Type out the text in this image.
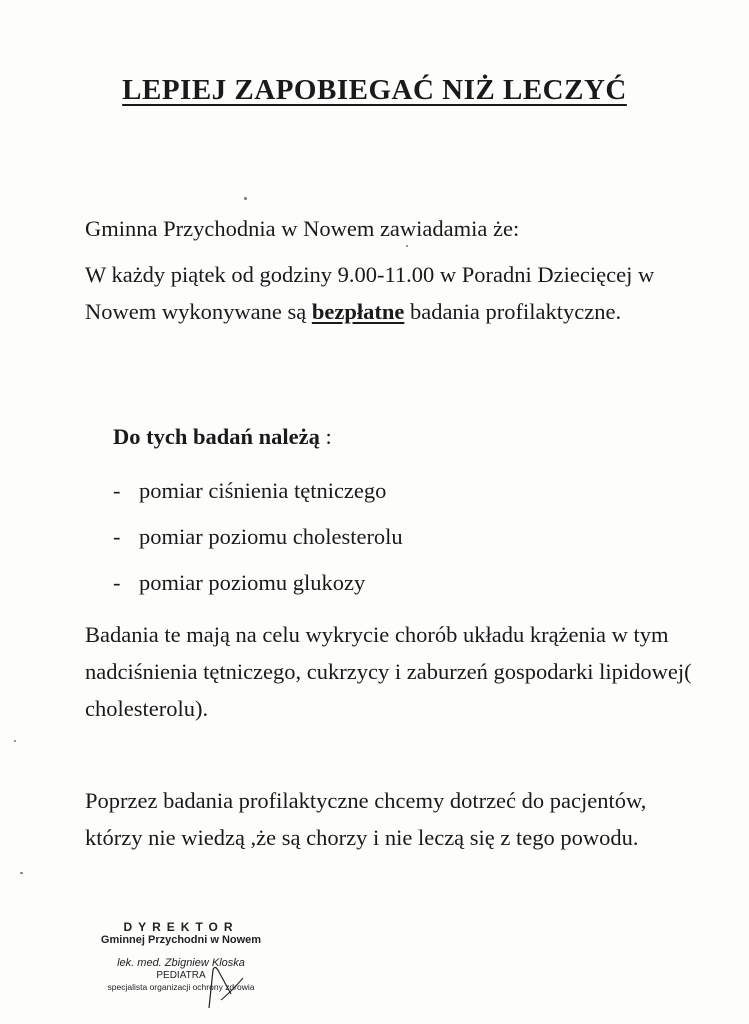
LEPIEJ ZAPOBIEGAĆ NIŻ LECZYĆ
Gminna Przychodnia w Nowem zawiadamia że:
W każdy piątek od godziny 9.00-11.00 w Poradni Dziecięcej w Nowem wykonywane są bezpłatne badania profilaktyczne.
Do tych badań należą :
- pomiar ciśnienia tętniczego
- pomiar poziomu cholesterolu
- pomiar poziomu glukozy
Badania te mają na celu wykrycie chorób układu krążenia w tym nadciśnienia tętniczego, cukrzycy i zaburzeń gospodarki lipidowej( cholesterolu).
Poprzez badania profilaktyczne chcemy dotrzeć do pacjentów, którzy nie wiedzą ,że są chorzy i nie leczą się z tego powodu.
DYREKTOR
Gminnej Przychodni w Nowem
lek. med. Zbigniew Kloska
PEDIATRA
specjalista organizacji ochrony zdrowia
